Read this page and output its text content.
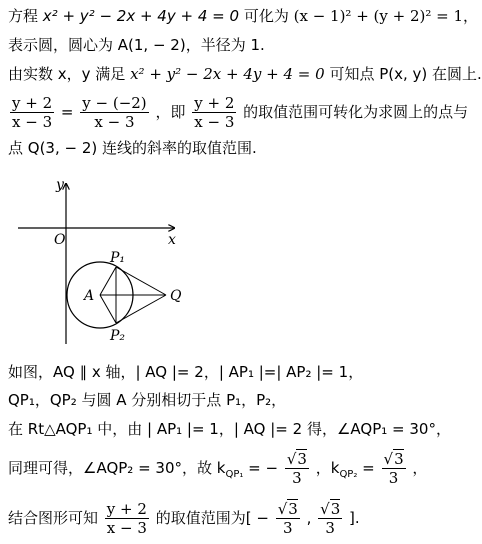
方程 x² + y² − 2x + 4y + 4 = 0 可化为 (x − 1)² + (y + 2)² = 1，
表示圆，圆心为 A(1, − 2)，半径为 1.
由实数 x，y 满足 x² + y² − 2x + 4y + 4 = 0 可知点 P(x, y) 在圆上.
$\frac{y + 2}{x - 3} = \frac{y - (-2)}{x - 3}$ ，即 $\frac{y + 2}{x - 3}$ 的取值范围可转化为求圆上的点与
点 Q(3, − 2) 连线的斜率的取值范围.
y
x
O
A	Q
P₁
P₂
如图，AQ ∥ x 轴，| AQ |= 2，| AP₁ |=| AP₂ |= 1，
QP₁，QP₂ 与圆 A 分别相切于点 P₁，P₂，
在 Rt△AQP₁ 中，由 | AP₁ |= 1，| AQ |= 2 得，∠AQP₁ = 30°，
同理可得，∠AQP₂ = 30°，故 $k_{QP_1}$ = − $\frac{√3}{3}$ ，$k_{QP_2} = \frac{√3}{3}$ ，
结合图形可知 $\frac{y + 2}{x - 3}$ 的取值范围为[ − $\frac{√3}{3}$ , $\frac{√3}{3}$ ].
